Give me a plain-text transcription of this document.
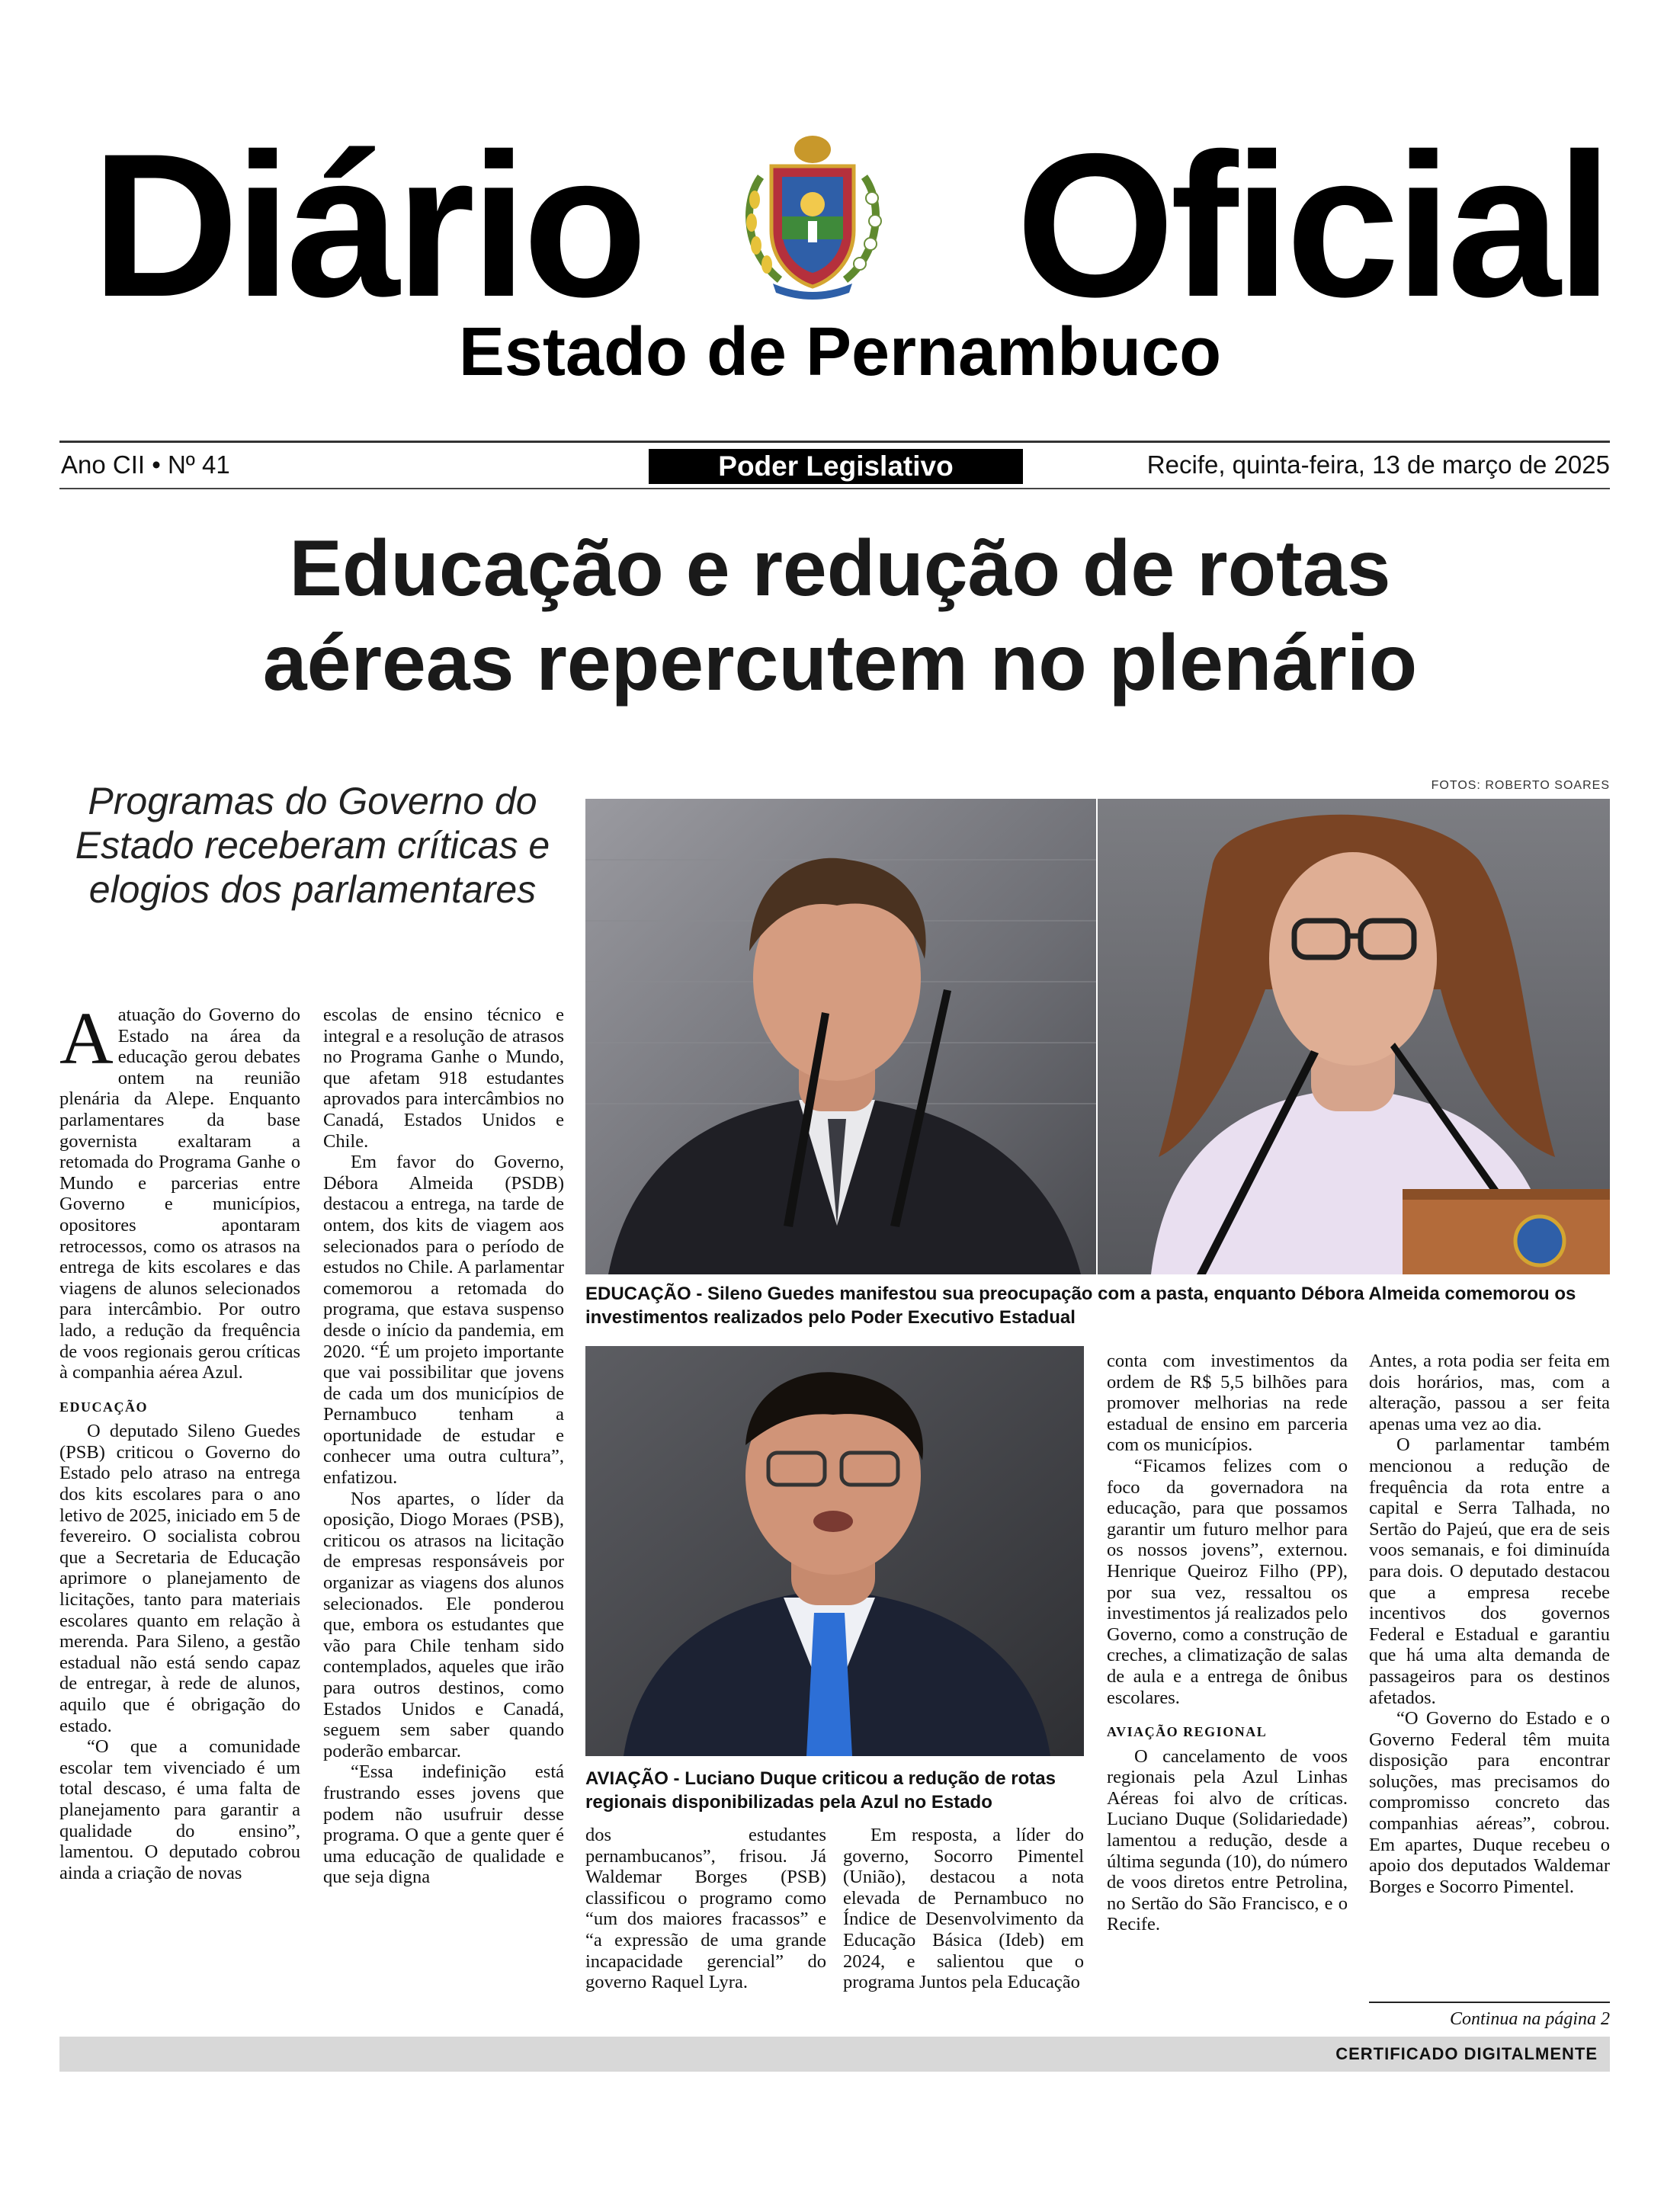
Diário Oficial
Estado de Pernambuco
Ano CII • Nº 41	Poder Legislativo	Recife, quinta-feira, 13 de março de 2025
Educação e redução de rotas
aéreas repercutem no plenário
Programas do Governo do Estado receberam críticas e elogios dos parlamentares
FOTOS: ROBERTO SOARES
EDUCAÇÃO - Sileno Guedes manifestou sua preocupação com a pasta, enquanto Débora Almeida comemorou os investimentos realizados pelo Poder Executivo Estadual
AVIAÇÃO - Luciano Duque criticou a redução de rotas regionais disponibilizadas pela Azul no Estado

Aatuação do Governo do Estado na área da educação gerou debates ontem na reunião plenária da Alepe. Enquanto parlamentares da base governista exaltaram a retomada do Programa Ganhe o Mundo e parcerias entre Governo e municípios, opositores apontaram retrocessos, como os atrasos na entrega de kits escolares e das viagens de alunos selecionados para intercâmbio. Por outro lado, a redução da frequência de voos regionais gerou críticas à companhia aérea Azul.

EDUCAÇÃO

O deputado Sileno Guedes (PSB) criticou o Governo do Estado pelo atraso na entrega dos kits escolares para o ano letivo de 2025, iniciado em 5 de fevereiro. O socialista cobrou que a Secretaria de Educação aprimore o planejamento de licitações, tanto para materiais escolares quanto em relação à merenda. Para Sileno, a gestão estadual não está sendo capaz de entregar, à rede de alunos, aquilo que é obrigação do estado.

“O que a comunidade escolar tem vivenciado é um total descaso, é uma falta de planejamento para garantir a qualidade do ensino”, lamentou. O deputado cobrou ainda a criação de novas

escolas de ensino técnico e integral e a resolução de atrasos no Programa Ganhe o Mundo, que afetam 918 estudantes aprovados para intercâmbios no Canadá, Estados Unidos e Chile.

Em favor do Governo, Débora Almeida (PSDB) destacou a entrega, na tarde de ontem, dos kits de viagem aos selecionados para o período de estudos no Chile. A parlamentar comemorou a retomada do programa, que estava suspenso desde o início da pandemia, em 2020. “É um projeto importante que vai possibilitar que jovens de cada um dos municípios de Pernambuco tenham a oportunidade de estudar e conhecer uma outra cultura”, enfatizou.

Nos apartes, o líder da oposição, Diogo Moraes (PSB), criticou os atrasos na licitação de empresas responsáveis por organizar as viagens dos alunos selecionados. Ele ponderou que, embora os estudantes que vão para Chile tenham sido contemplados, aqueles que irão para outros destinos, como Estados Unidos e Canadá, seguem sem saber quando poderão embarcar.

“Essa indefinição está frustrando esses jovens que podem não usufruir desse programa. O que a gente quer é uma educação de qualidade e que seja digna

dos estudantes pernambucanos”, frisou. Já Waldemar Borges (PSB) classificou o programo como “um dos maiores fracassos” e “a expressão de uma grande incapacidade gerencial” do governo Raquel Lyra.

Em resposta, a líder do governo, Socorro Pimentel (União), destacou a nota elevada de Pernambuco no Índice de Desenvolvimento da Educação Básica (Ideb) em 2024, e salientou que o programa Juntos pela Educação

conta com investimentos da ordem de R$ 5,5 bilhões para promover melhorias na rede estadual de ensino em parceria com os municípios.

“Ficamos felizes com o foco da governadora na educação, para que possamos garantir um futuro melhor para os nossos jovens”, externou. Henrique Queiroz Filho (PP), por sua vez, ressaltou os investimentos já realizados pelo Governo, como a construção de creches, a climatização de salas de aula e a entrega de ônibus escolares.

AVIAÇÃO REGIONAL

O cancelamento de voos regionais pela Azul Linhas Aéreas foi alvo de críticas. Luciano Duque (Solidariedade) lamentou a redução, desde a última segunda (10), do número de voos diretos entre Petrolina, no Sertão do São Francisco, e o Recife.

Antes, a rota podia ser feita em dois horários, mas, com a alteração, passou a ser feita apenas uma vez ao dia.

O parlamentar também mencionou a redução de frequência da rota entre a capital e Serra Talhada, no Sertão do Pajeú, que era de seis voos semanais, e foi diminuída para dois. O deputado destacou que a empresa recebe incentivos dos governos Federal e Estadual e garantiu que há uma alta demanda de passageiros para os destinos afetados.

“O Governo do Estado e o Governo Federal têm muita disposição para encontrar soluções, mas precisamos do compromisso concreto das companhias aéreas”, cobrou. Em apartes, Duque recebeu o apoio dos deputados Waldemar Borges e Socorro Pimentel.

Continua na página 2
CERTIFICADO DIGITALMENTE
